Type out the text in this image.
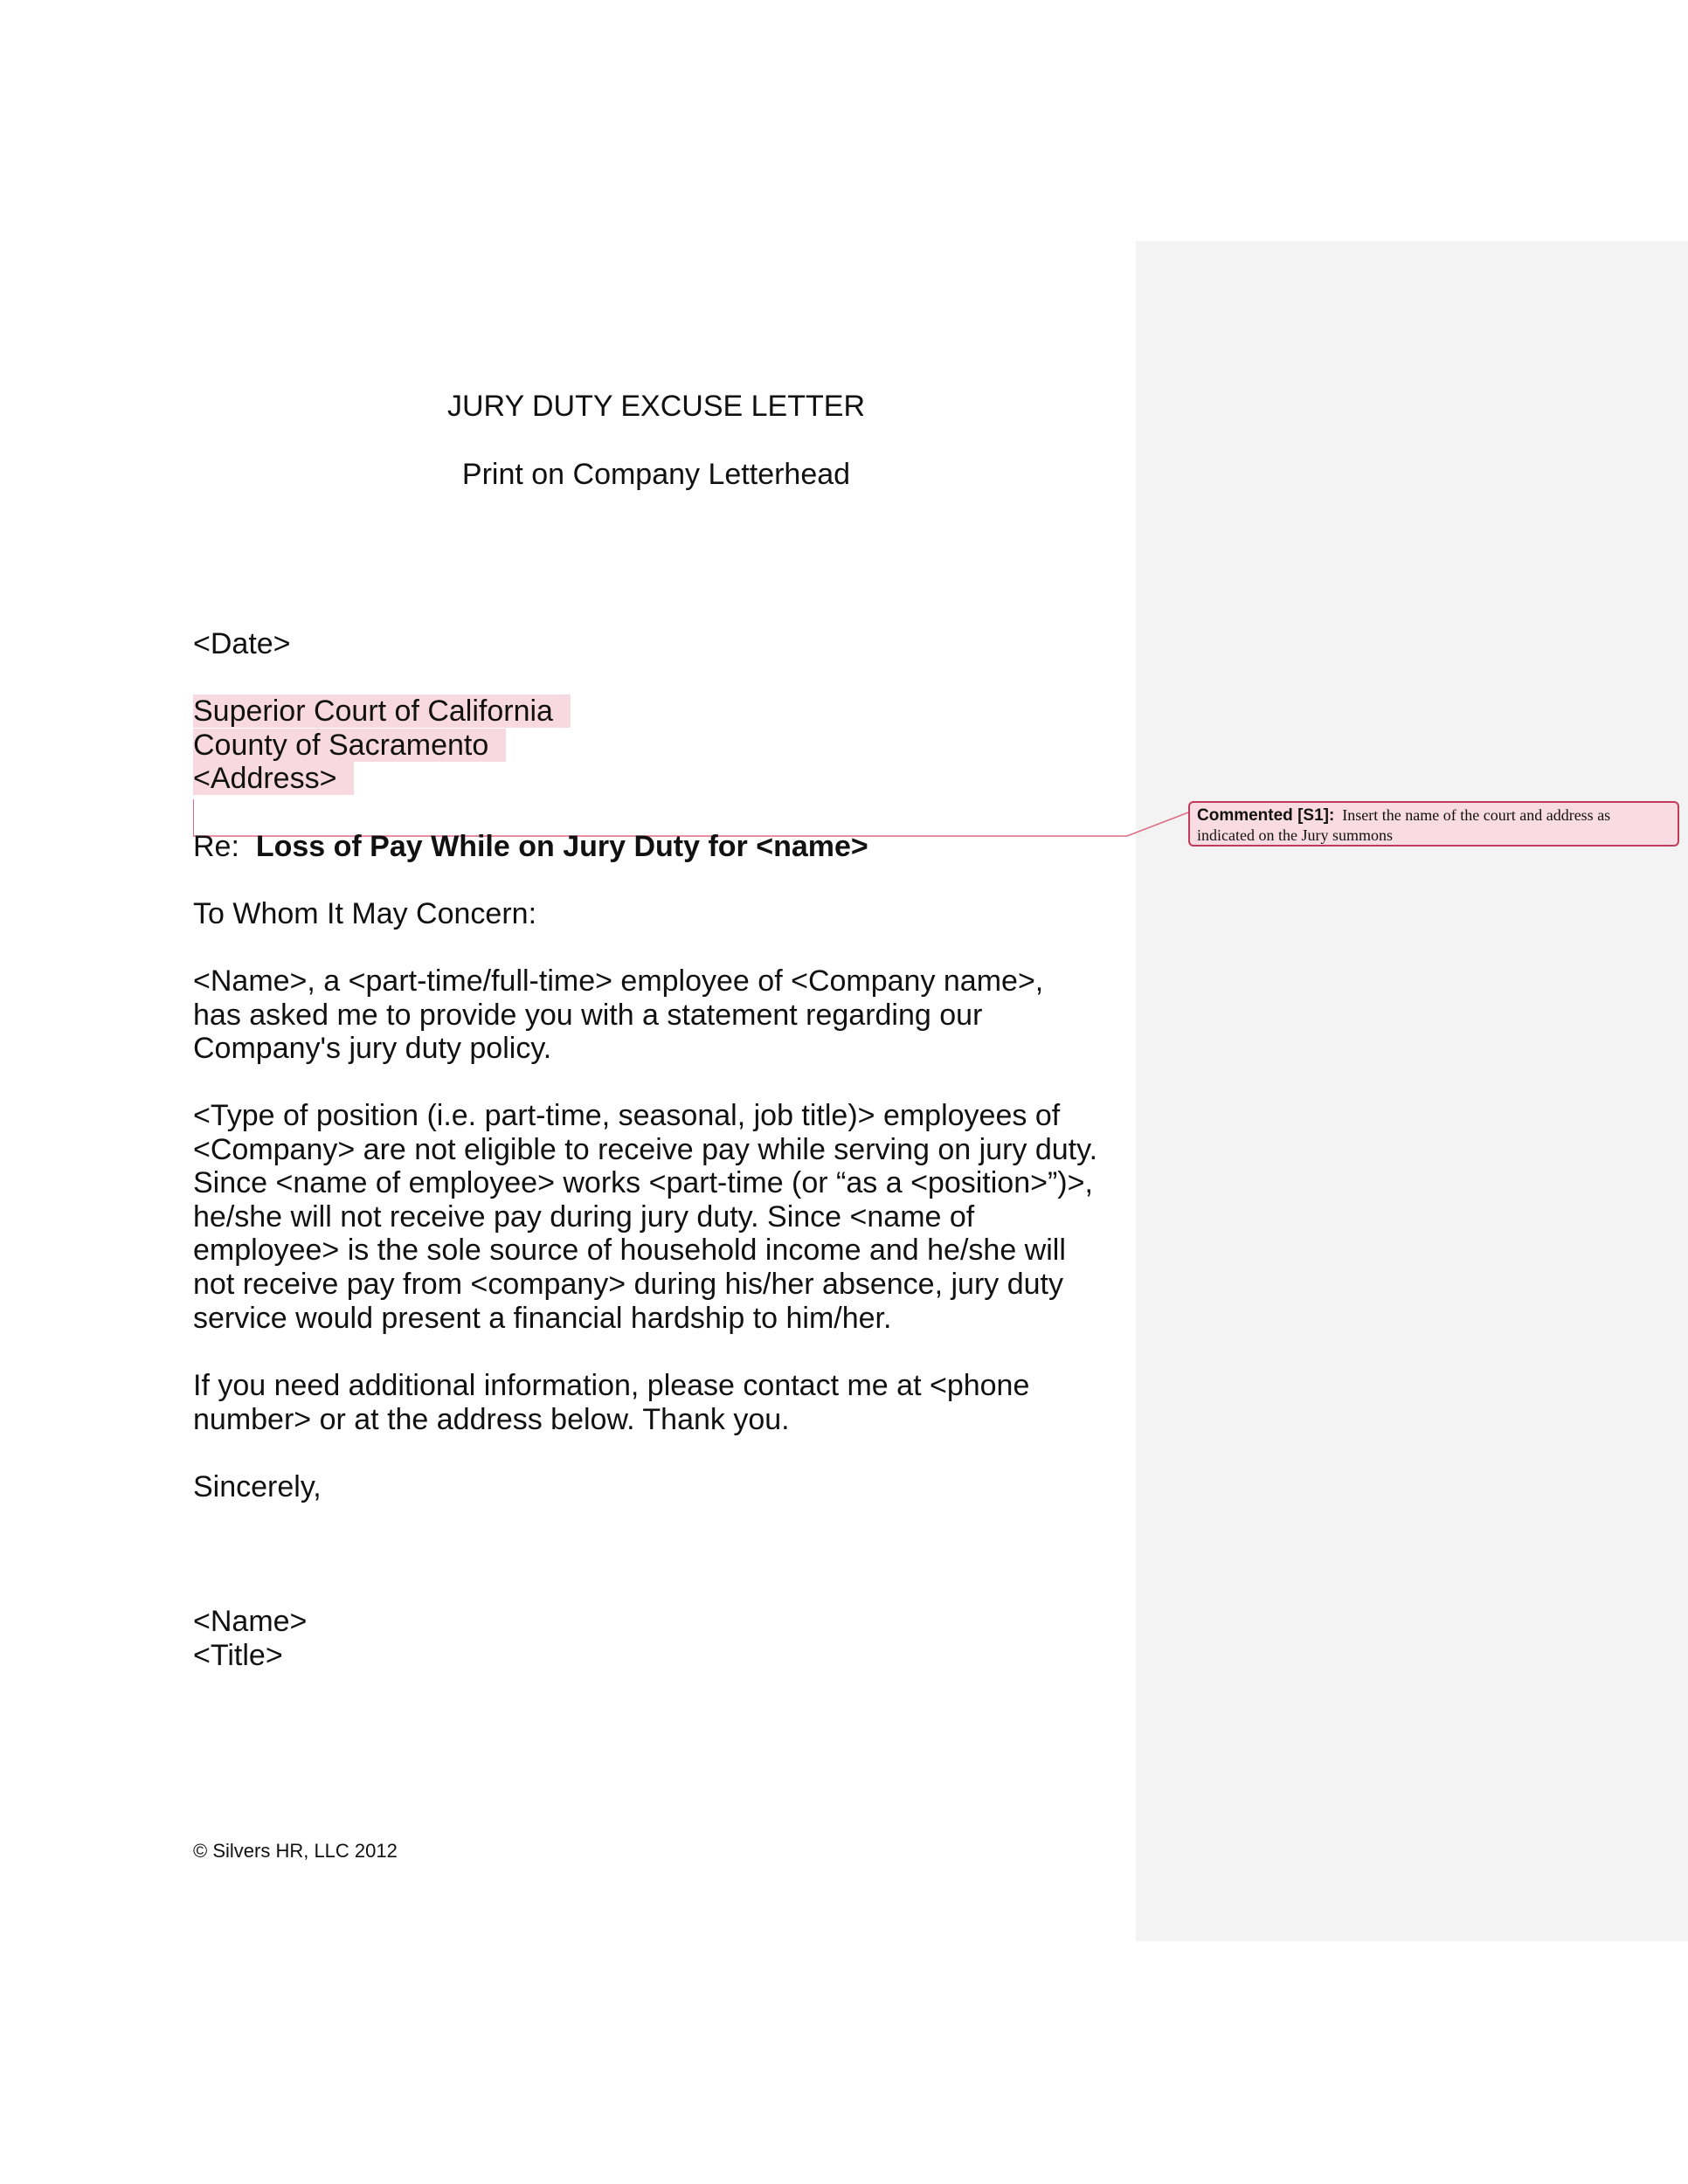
JURY DUTY EXCUSE LETTER
Print on Company Letterhead
<Date>
Superior Court of California
County of Sacramento
<Address>
Re: Loss of Pay While on Jury Duty for <name>
To Whom It May Concern:
<Name>, a <part-time/full-time> employee of <Company name>,
has asked me to provide you with a statement regarding our
Company's jury duty policy.
<Type of position (i.e. part-time, seasonal, job title)> employees of
<Company> are not eligible to receive pay while serving on jury duty.
Since <name of employee> works <part-time (or “as a <position>”)>,
he/she will not receive pay during jury duty. Since <name of
employee> is the sole source of household income and he/she will
not receive pay from <company> during his/her absence, jury duty
service would present a financial hardship to him/her.
If you need additional information, please contact me at <phone
number> or at the address below. Thank you.
Sincerely,
<Name>
<Title>
© Silvers HR, LLC 2012
Commented [S1]: Insert the name of the court and address as indicated on the Jury summons
